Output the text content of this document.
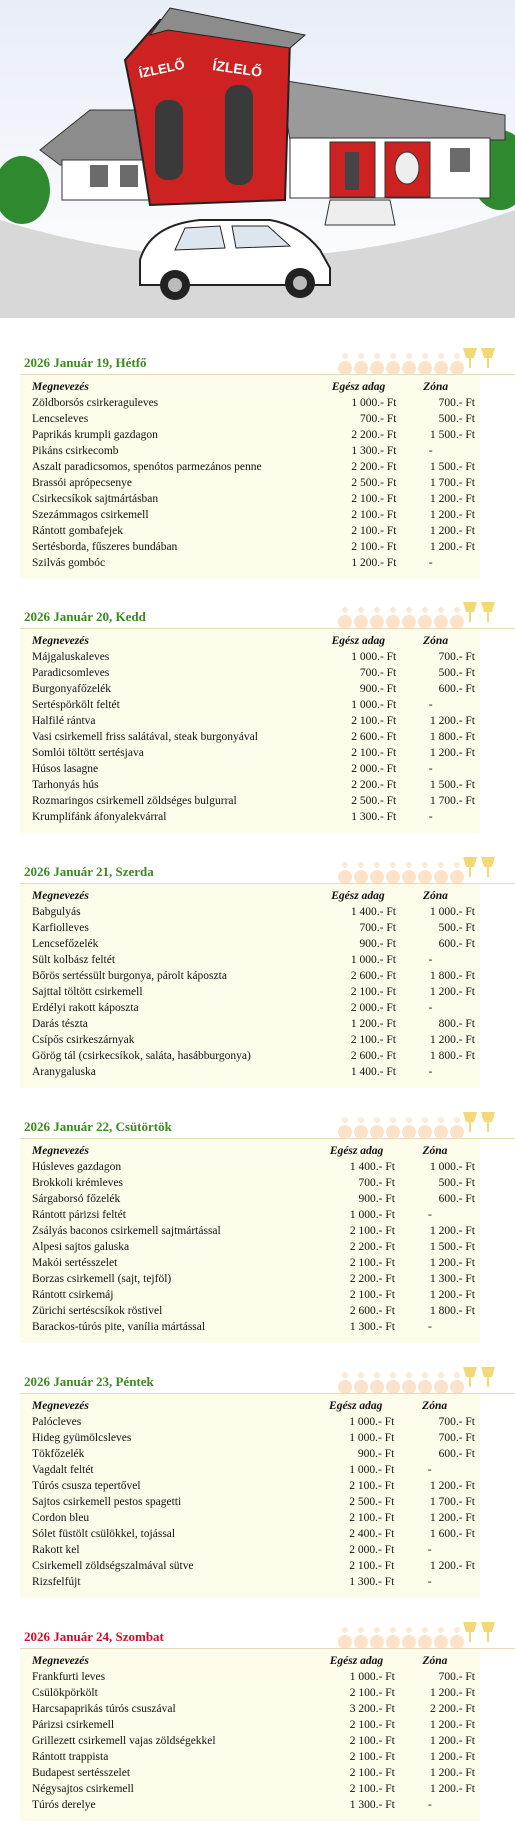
ÍZLELŐ ÍZLELŐ
2026 Január 19, Hétfő
Megnevezés	Egész adag	Zóna
Zöldborsós csirkeraguleves	1 000.- Ft	700.- Ft
Lencseleves	700.- Ft	500.- Ft
Paprikás krumpli gazdagon	2 200.- Ft	1 500.- Ft
Pikáns csirkecomb	1 300.- Ft	-
Aszalt paradicsomos, spenótos parmezános penne	2 200.- Ft	1 500.- Ft
Brassói aprópecsenye	2 500.- Ft	1 700.- Ft
Csirkecsíkok sajtmártásban	2 100.- Ft	1 200.- Ft
Szezámmagos csirkemell	2 100.- Ft	1 200.- Ft
Rántott gombafejek	2 100.- Ft	1 200.- Ft
Sertésborda, fűszeres bundában	2 100.- Ft	1 200.- Ft
Szilvás gombóc	1 200.- Ft	-
2026 Január 20, Kedd
Megnevezés	Egész adag	Zóna
Májgaluskaleves	1 000.- Ft	700.- Ft
Paradicsomleves	700.- Ft	500.- Ft
Burgonyafőzelék	900.- Ft	600.- Ft
Sertéspörkölt feltét	1 000.- Ft	-
Halfilé rántva	2 100.- Ft	1 200.- Ft
Vasi csirkemell friss salátával, steak burgonyával	2 600.- Ft	1 800.- Ft
Somlói töltött sertésjava	2 100.- Ft	1 200.- Ft
Húsos lasagne	2 000.- Ft	-
Tarhonyás hús	2 200.- Ft	1 500.- Ft
Rozmaringos csirkemell zöldséges bulgurral	2 500.- Ft	1 700.- Ft
Krumplifánk áfonyalekvárral	1 300.- Ft	-
2026 Január 21, Szerda
Megnevezés	Egész adag	Zóna
Babgulyás	1 400.- Ft	1 000.- Ft
Karfiolleves	700.- Ft	500.- Ft
Lencsefőzelék	900.- Ft	600.- Ft
Sült kolbász feltét	1 000.- Ft	-
Bőrös sertéssült burgonya, párolt káposzta	2 600.- Ft	1 800.- Ft
Sajttal töltött csirkemell	2 100.- Ft	1 200.- Ft
Erdélyi rakott káposzta	2 000.- Ft	-
Darás tészta	1 200.- Ft	800.- Ft
Csípős csirkeszárnyak	2 100.- Ft	1 200.- Ft
Görög tál (csirkecsíkok, saláta, hasábburgonya)	2 600.- Ft	1 800.- Ft
Aranygaluska	1 400.- Ft	-
2026 Január 22, Csütörtök
Megnevezés	Egész adag	Zóna
Húsleves gazdagon	1 400.- Ft	1 000.- Ft
Brokkoli krémleves	700.- Ft	500.- Ft
Sárgaborsó főzelék	900.- Ft	600.- Ft
Rántott párizsi feltét	1 000.- Ft	-
Zsályás baconos csirkemell sajtmártással	2 100.- Ft	1 200.- Ft
Alpesi sajtos galuska	2 200.- Ft	1 500.- Ft
Makói sertésszelet	2 100.- Ft	1 200.- Ft
Borzas csirkemell (sajt, tejföl)	2 200.- Ft	1 300.- Ft
Rántott csirkemáj	2 100.- Ft	1 200.- Ft
Zürichi sertéscsíkok röstivel	2 600.- Ft	1 800.- Ft
Barackos-túrós pite, vanília mártással	1 300.- Ft	-
2026 Január 23, Péntek
Megnevezés	Egész adag	Zóna
Palócleves	1 000.- Ft	700.- Ft
Hideg gyümölcsleves	1 000.- Ft	700.- Ft
Tökfőzelék	900.- Ft	600.- Ft
Vagdalt feltét	1 000.- Ft	-
Túrós csusza tepertővel	2 100.- Ft	1 200.- Ft
Sajtos csirkemell pestos spagetti	2 500.- Ft	1 700.- Ft
Cordon bleu	2 100.- Ft	1 200.- Ft
Sólet füstölt csülökkel, tojással	2 400.- Ft	1 600.- Ft
Rakott kel	2 000.- Ft	-
Csirkemell zöldségszalmával sütve	2 100.- Ft	1 200.- Ft
Rizsfelfújt	1 300.- Ft	-
2026 Január 24, Szombat
Megnevezés	Egész adag	Zóna
Frankfurti leves	1 000.- Ft	700.- Ft
Csülökpörkölt	2 100.- Ft	1 200.- Ft
Harcsapaprikás túrós csuszával	3 200.- Ft	2 200.- Ft
Párizsi csirkemell	2 100.- Ft	1 200.- Ft
Grillezett csirkemell vajas zöldségekkel	2 100.- Ft	1 200.- Ft
Rántott trappista	2 100.- Ft	1 200.- Ft
Budapest sertésszelet	2 100.- Ft	1 200.- Ft
Négysajtos csirkemell	2 100.- Ft	1 200.- Ft
Túrós derelye	1 300.- Ft	-
